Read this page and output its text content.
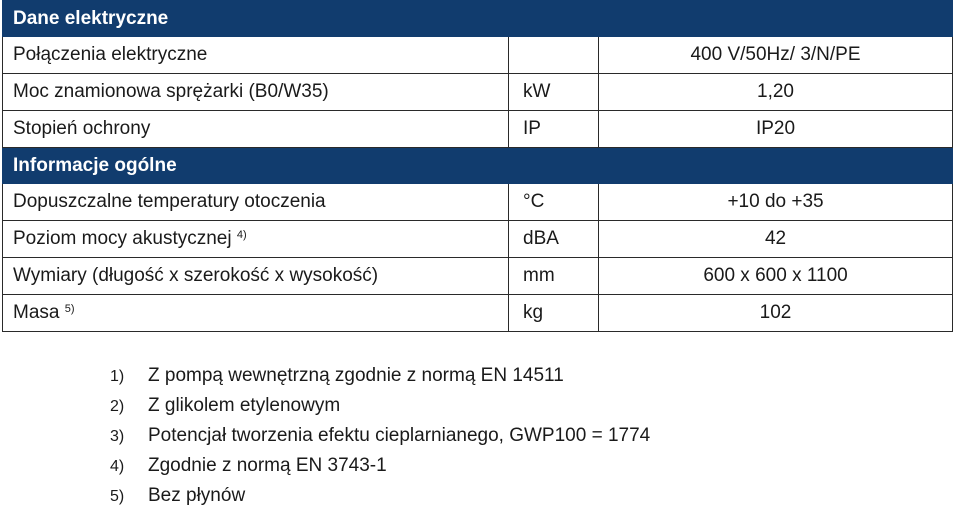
Dane elektryczne		
Połączenia elektryczne		400 V/50Hz/ 3/N/PE
Moc znamionowa sprężarki (B0/W35)	kW	1,20
Stopień ochrony	IP	IP20
Informacje ogólne		
Dopuszczalne temperatury otoczenia	°C	+10 do +35
Poziom mocy akustycznej $^{4)}$	dBA	42
Wymiary (długość x szerokość x wysokość)	mm	600 x 600 x 1100
Masa $^{5)}$	kg	102
1) Z pompą wewnętrzną zgodnie z normą EN 14511
2) Z glikolem etylenowym
3) Potencjał tworzenia efektu cieplarnianego, GWP100 = 1774
4) Zgodnie z normą EN 3743-1
5) Bez płynów
